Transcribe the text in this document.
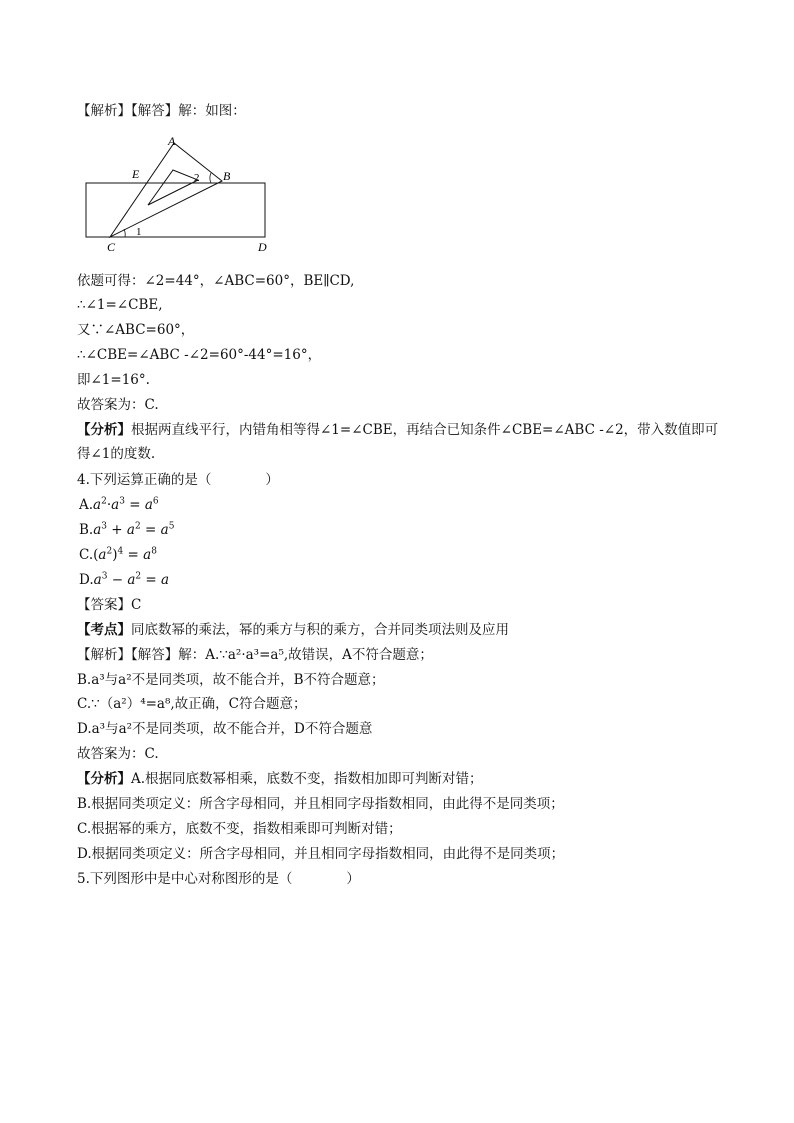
【解析】【解答】解：如图：
A
E	B
C	D
1
2
依题可得：∠2=44°，∠ABC=60°，BE∥CD,
∴∠1=∠CBE,
又∵∠ABC=60°，
∴∠CBE=∠ABC -∠2=60°-44°=16°，
即∠1=16°.
故答案为：C.
【分析】根据两直线平行，内错角相等得∠1=∠CBE，再结合已知条件∠CBE=∠ABC -∠2，带入数值即可得∠1的度数.
4.下列运算正确的是（　　　　）
$A.a^2\cdot a^3 = a^6$
$B.a^3 + a^2 = a^5$
$C.(a^2)^4 = a^8$
$D.a^3 - a^2 = a$
【答案】C
【考点】同底数幂的乘法，幂的乘方与积的乘方，合并同类项法则及应用
【解析】【解答】解：A.∵a²·a³=a⁵,故错误，A不符合题意；
B.a³与a²不是同类项，故不能合并，B不符合题意；
C.∵（a²）⁴=a⁸,故正确，C符合题意；
D.a³与a²不是同类项，故不能合并，D不符合题意
故答案为：C.
【分析】A.根据同底数幂相乘，底数不变，指数相加即可判断对错；
B.根据同类项定义：所含字母相同，并且相同字母指数相同，由此得不是同类项；
C.根据幂的乘方，底数不变，指数相乘即可判断对错；
D.根据同类项定义：所含字母相同，并且相同字母指数相同，由此得不是同类项；
5.下列图形中是中心对称图形的是（　　　　）
